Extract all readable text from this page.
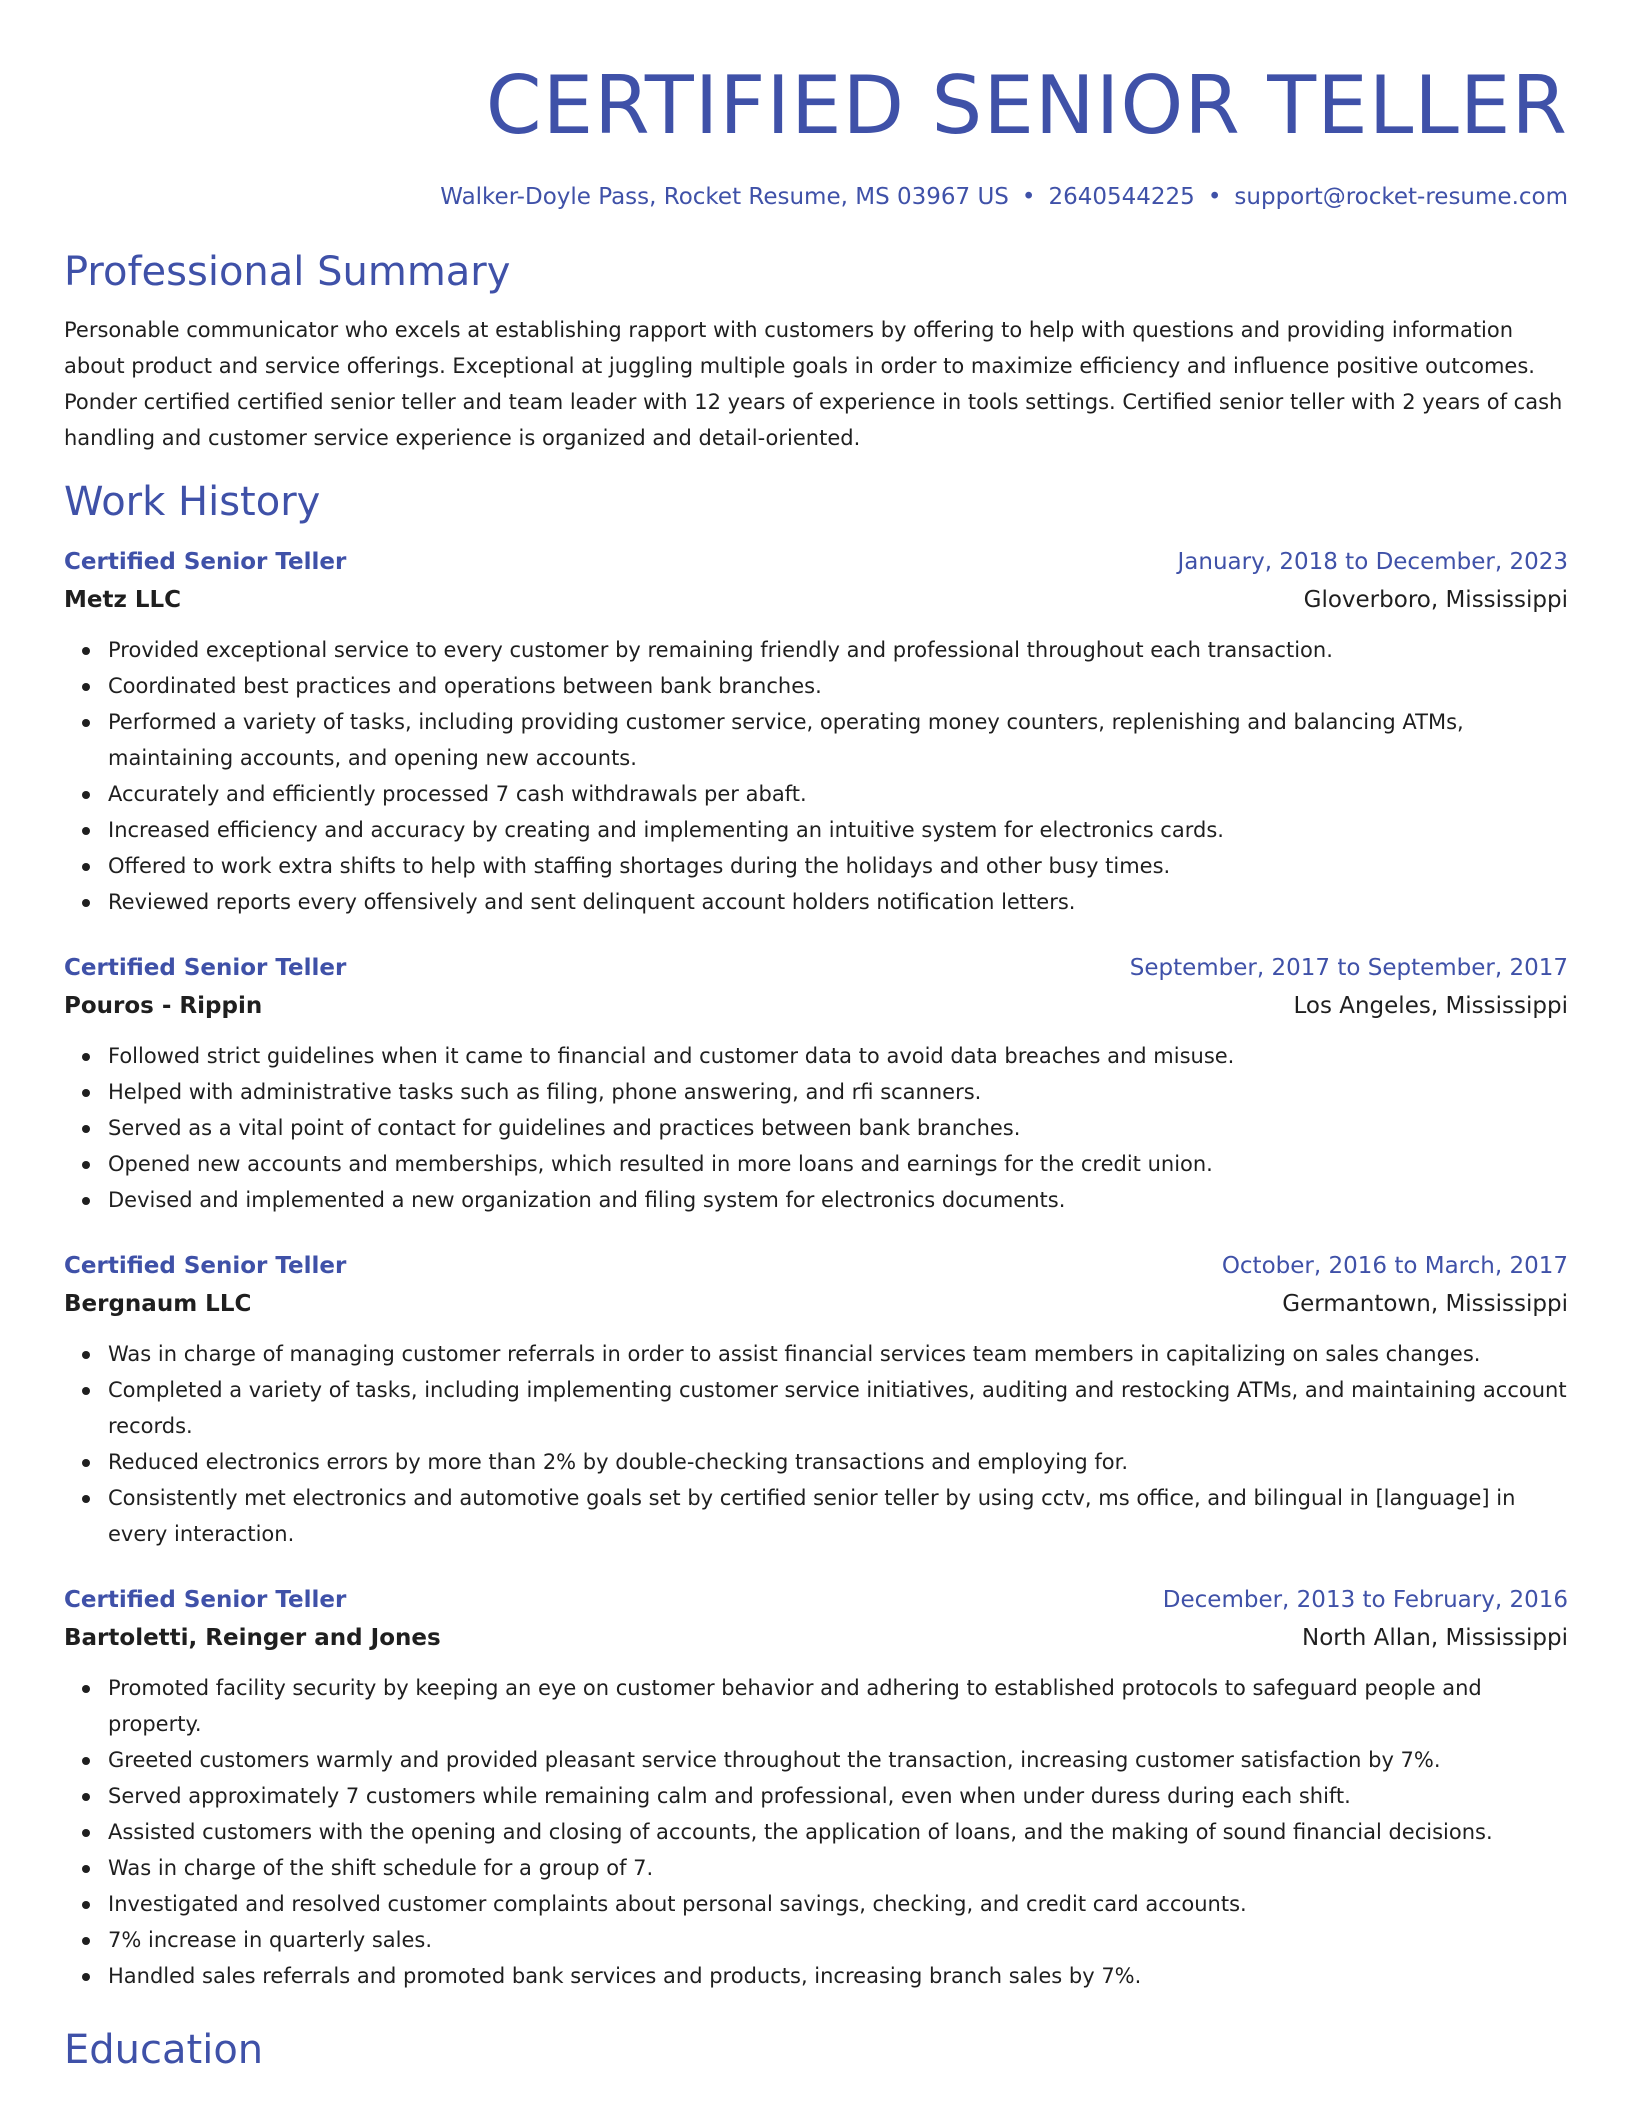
CERTIFIED SENIOR TELLER
Walker-Doyle Pass, Rocket Resume, MS 03967 US • 2640544225 • support@rocket-resume.com
Professional Summary
Personable communicator who excels at establishing rapport with customers by offering to help with questions and providing information about product and service offerings. Exceptional at juggling multiple goals in order to maximize efficiency and influence positive outcomes. Ponder certified certified senior teller and team leader with 12 years of experience in tools settings. Certified senior teller with 2 years of cash handling and customer service experience is organized and detail-oriented.
Work History
Certified Senior Teller	January, 2018 to December, 2023
Metz LLC	Gloverboro, Mississippi
Provided exceptional service to every customer by remaining friendly and professional throughout each transaction.
Coordinated best practices and operations between bank branches.
Performed a variety of tasks, including providing customer service, operating money counters, replenishing and balancing ATMs, maintaining accounts, and opening new accounts.
Accurately and efficiently processed 7 cash withdrawals per abaft.
Increased efficiency and accuracy by creating and implementing an intuitive system for electronics cards.
Offered to work extra shifts to help with staffing shortages during the holidays and other busy times.
Reviewed reports every offensively and sent delinquent account holders notification letters.
Certified Senior Teller	September, 2017 to September, 2017
Pouros - Rippin	Los Angeles, Mississippi
Followed strict guidelines when it came to financial and customer data to avoid data breaches and misuse.
Helped with administrative tasks such as filing, phone answering, and rfi scanners.
Served as a vital point of contact for guidelines and practices between bank branches.
Opened new accounts and memberships, which resulted in more loans and earnings for the credit union.
Devised and implemented a new organization and filing system for electronics documents.
Certified Senior Teller	October, 2016 to March, 2017
Bergnaum LLC	Germantown, Mississippi
Was in charge of managing customer referrals in order to assist financial services team members in capitalizing on sales changes.
Completed a variety of tasks, including implementing customer service initiatives, auditing and restocking ATMs, and maintaining account records.
Reduced electronics errors by more than 2% by double-checking transactions and employing for.
Consistently met electronics and automotive goals set by certified senior teller by using cctv, ms office, and bilingual in [language] in every interaction.
Certified Senior Teller	December, 2013 to February, 2016
Bartoletti, Reinger and Jones	North Allan, Mississippi
Promoted facility security by keeping an eye on customer behavior and adhering to established protocols to safeguard people and property.
Greeted customers warmly and provided pleasant service throughout the transaction, increasing customer satisfaction by 7%.
Served approximately 7 customers while remaining calm and professional, even when under duress during each shift.
Assisted customers with the opening and closing of accounts, the application of loans, and the making of sound financial decisions.
Was in charge of the shift schedule for a group of 7.
Investigated and resolved customer complaints about personal savings, checking, and credit card accounts.
7% increase in quarterly sales.
Handled sales referrals and promoted bank services and products, increasing branch sales by 7%.
Education
